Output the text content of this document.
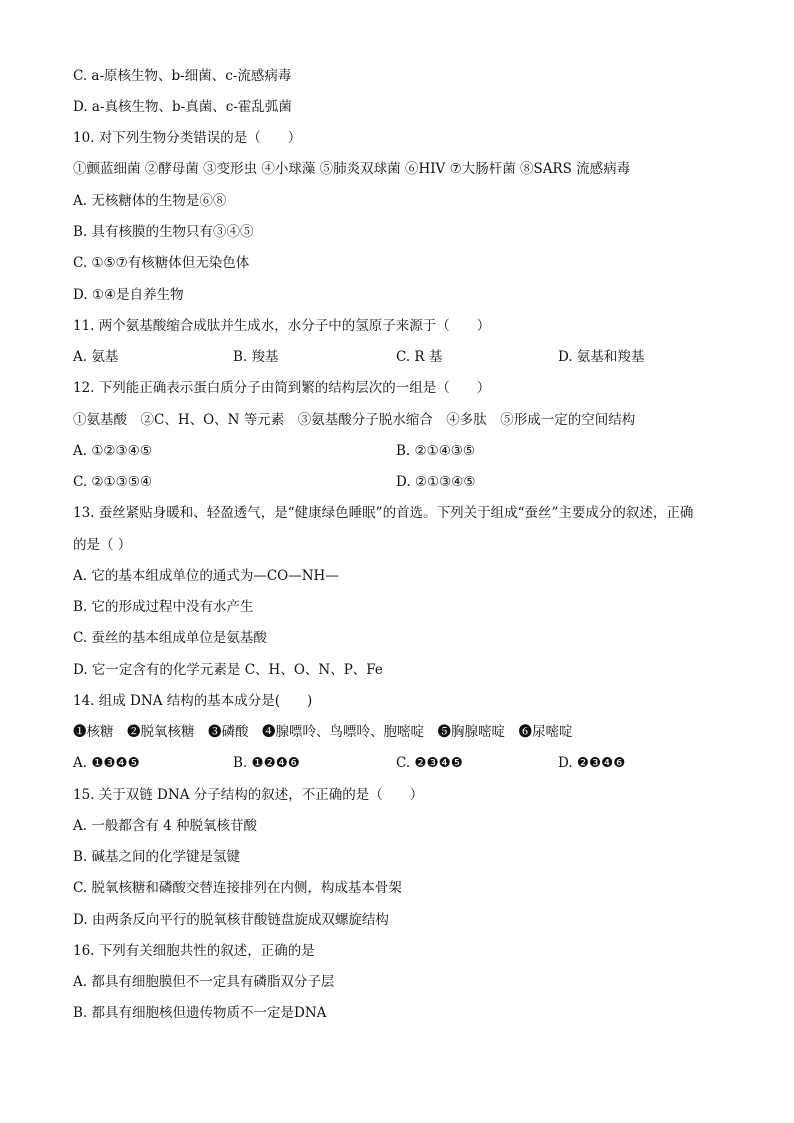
C. a-原核生物、b-细菌、c-流感病毒
D. a-真核生物、b-真菌、c-霍乱弧菌
10. 对下列生物分类错误的是（　　）
①颤蓝细菌 ②酵母菌 ③变形虫 ④小球藻 ⑤肺炎双球菌 ⑥HIV ⑦大肠杆菌 ⑧SARS 流感病毒
A. 无核糖体的生物是⑥⑧
B. 具有核膜的生物只有③④⑤
C. ①⑤⑦有核糖体但无染色体
D. ①④是自养生物
11. 两个氨基酸缩合成肽并生成水，水分子中的氢原子来源于（　　）
A. 氨基	B. 羧基	C. R 基	D. 氨基和羧基
12. 下列能正确表示蛋白质分子由简到繁的结构层次的一组是（　　）
①氨基酸　②C、H、O、N 等元素　③氨基酸分子脱水缩合　④多肽　⑤形成一定的空间结构
A. ①②③④⑤	B. ②①④③⑤
C. ②①③⑤④	D. ②①③④⑤
13. 蚕丝紧贴身暖和、轻盈透气，是“健康绿色睡眠”的首选。下列关于组成“蚕丝”主要成分的叙述，正确
的是（ ）
A. 它的基本组成单位的通式为—CO—NH—
B. 它的形成过程中没有水产生
C. 蚕丝的基本组成单位是氨基酸
D. 它一定含有的化学元素是 C、H、O、N、P、Fe
14. 组成 DNA 结构的基本成分是(　　)
❶核糖　❷脱氧核糖　❸磷酸　❹腺嘌呤、鸟嘌呤、胞嘧啶　❺胸腺嘧啶　❻尿嘧啶
A. ❶❸❹❺	B. ❶❷❹❻	C. ❷❸❹❺	D. ❷❸❹❻
15. 关于双链 DNA 分子结构的叙述，不正确的是（　　）
A. 一般都含有 4 种脱氧核苷酸
B. 碱基之间的化学键是氢键
C. 脱氧核糖和磷酸交替连接排列在内侧，构成基本骨架
D. 由两条反向平行的脱氧核苷酸链盘旋成双螺旋结构
16. 下列有关细胞共性的叙述，正确的是
A. 都具有细胞膜但不一定具有磷脂双分子层
B. 都具有细胞核但遗传物质不一定是DNA
